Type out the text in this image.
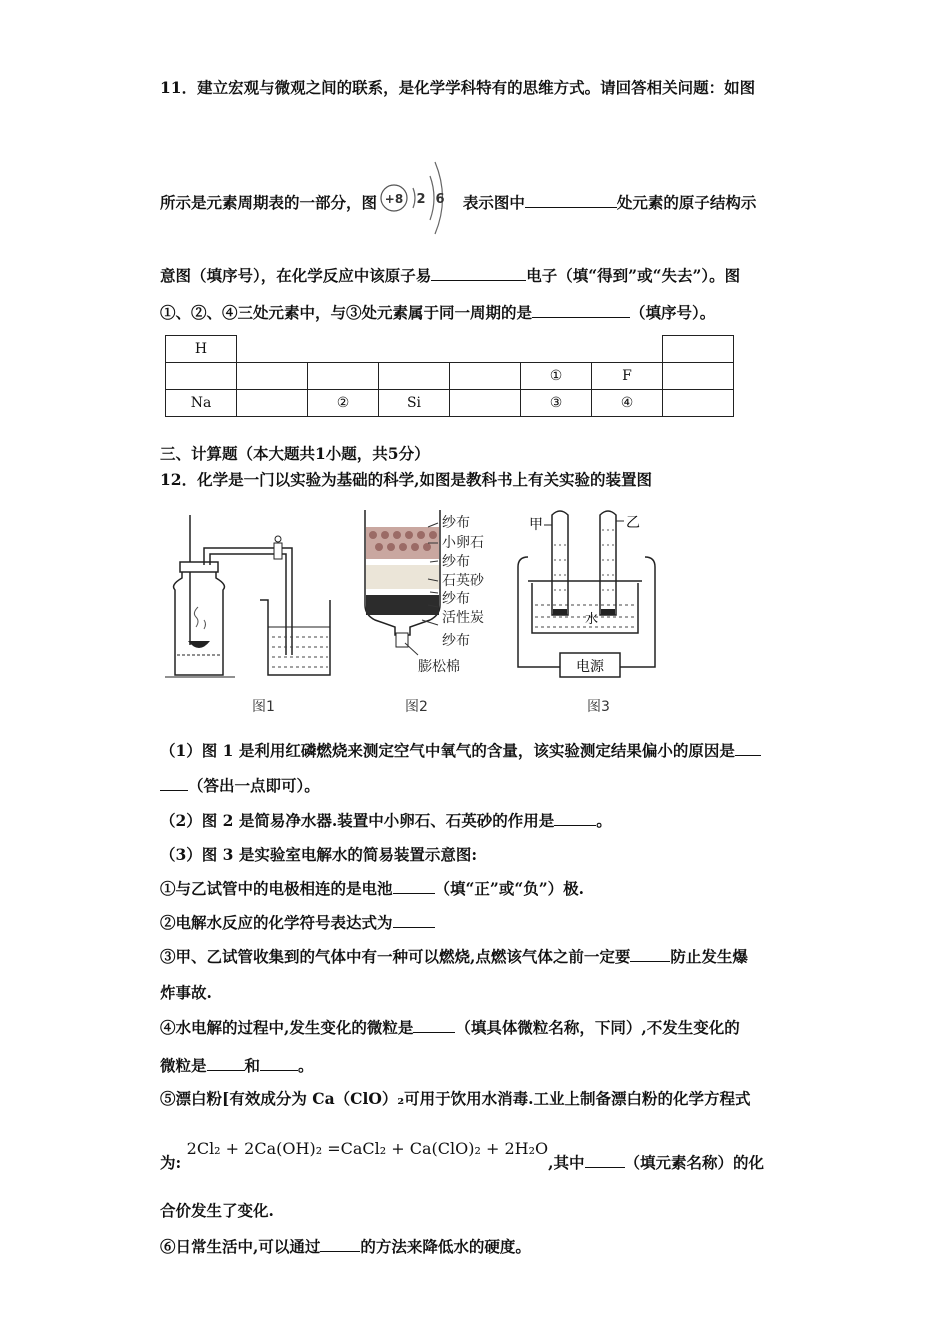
11．建立宏观与微观之间的联系，是化学学科特有的思维方式。请回答相关问题：如图
所示是元素周期表的一部分，图 +8 2 6 表示图中	处元素的原子结构示
意图（填序号），在化学反应中该原子易	电子（填“得到”或“失去”）。图
①、②、④三处元素中，与③处元素属于同一周期的是	（填序号）。
H							
					①	F	
Na		②	Si		③	④	
三、计算题（本大题共1小题，共5分）
12．化学是一门以实验为基础的科学,如图是教科书上有关实验的装置图
纱布
小卵石
纱布
石英砂
纱布
活性炭
纱布
膨松棉	电源
甲	乙
水
图1	图2	图3
（1）图 1 是利用红磷燃烧来测定空气中氧气的含量，该实验测定结果偏小的原因是
（答出一点即可）。
（2）图 2 是简易净水器.装置中小卵石、石英砂的作用是	。
（3）图 3 是实验室电解水的简易装置示意图:
①与乙试管中的电极相连的是电池	（填“正”或“负”）极.
②电解水反应的化学符号表达式为
③甲、乙试管收集到的气体中有一种可以燃烧,点燃该气体之前一定要	防止发生爆
炸事故.
④水电解的过程中,发生变化的微粒是	（填具体微粒名称，下同）,不发生变化的
微粒是 和 。
⑤漂白粉[有效成分为 Ca（ClO）₂可用于饮用水消毒.工业上制备漂白粉的化学方程式
为: 2Cl₂ + 2Ca(OH)₂ =CaCl₂ + Ca(ClO)₂ + 2H₂O,其中	（填元素名称）的化
合价发生了变化.
⑥日常生活中,可以通过	的方法来降低水的硬度。
